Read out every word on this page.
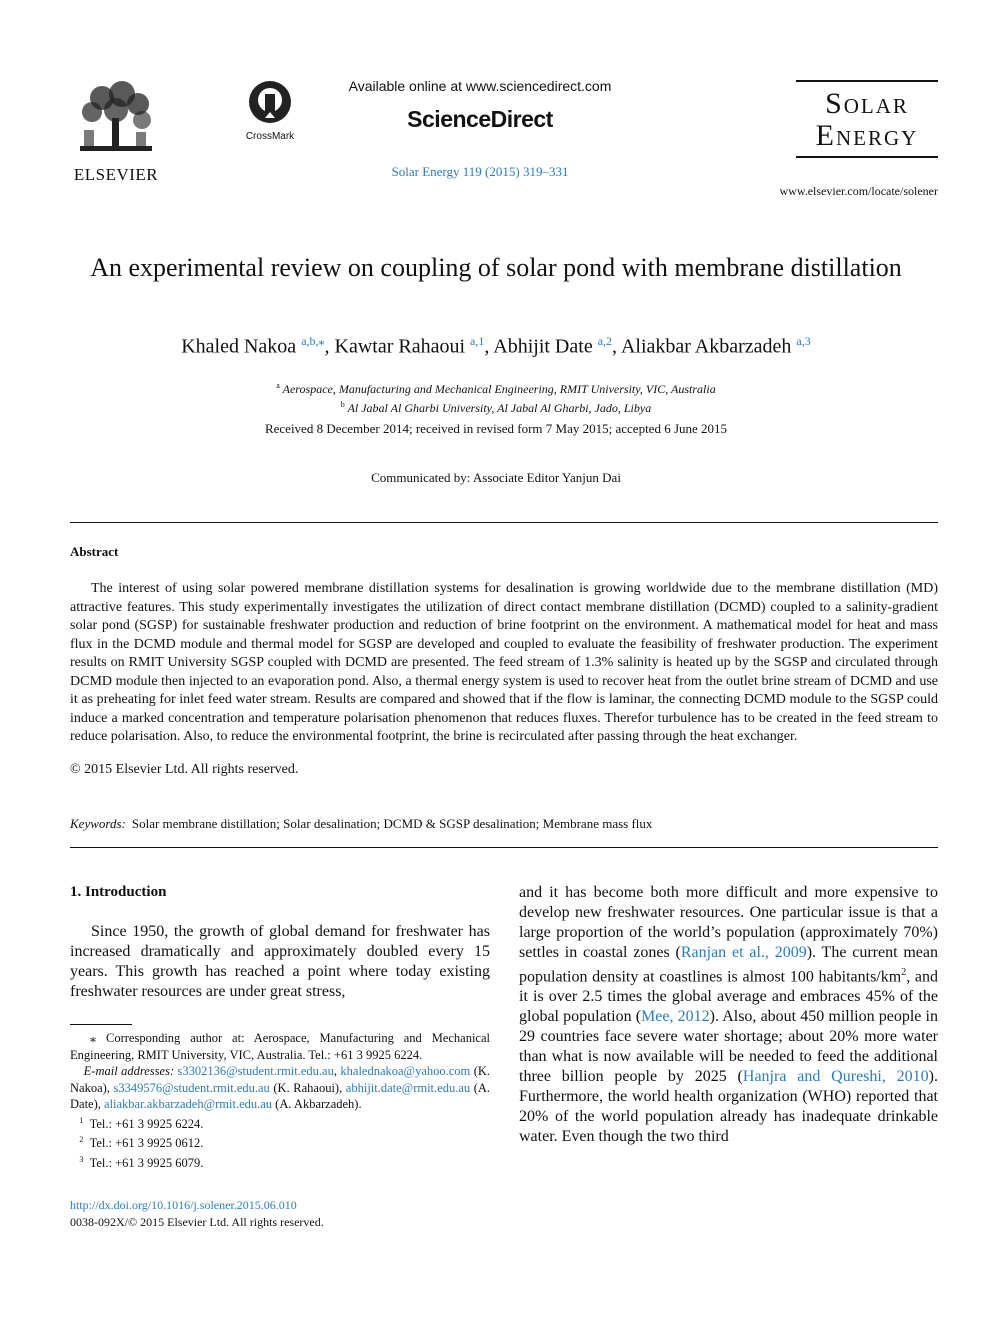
ELSEVIER
CrossMark
Available online at www.sciencedirect.com
ScienceDirect
Solar Energy 119 (2015) 319–331
Solar
Energy
www.elsevier.com/locate/solener
An experimental review on coupling of solar pond with membrane distillation
Khaled Nakoa $^{a,b,⁎}$, Kawtar Rahaoui $^{a,1}$, Abhijit Date $^{a,2}$, Aliakbar Akbarzadeh $^{a,3}$
$^a$ Aerospace, Manufacturing and Mechanical Engineering, RMIT University, VIC, Australia
$^b$ Al Jabal Al Gharbi University, Al Jabal Al Gharbi, Jado, Libya
Received 8 December 2014; received in revised form 7 May 2015; accepted 6 June 2015
Communicated by: Associate Editor Yanjun Dai
Abstract
The interest of using solar powered membrane distillation systems for desalination is growing worldwide due to the membrane distillation (MD) attractive features. This study experimentally investigates the utilization of direct contact membrane distillation (DCMD) coupled to a salinity-gradient solar pond (SGSP) for sustainable freshwater production and reduction of brine footprint on the environment. A mathematical model for heat and mass flux in the DCMD module and thermal model for SGSP are developed and coupled to evaluate the feasibility of freshwater production. The experiment results on RMIT University SGSP coupled with DCMD are presented. The feed stream of 1.3% salinity is heated up by the SGSP and circulated through DCMD module then injected to an evaporation pond. Also, a thermal energy system is used to recover heat from the outlet brine stream of DCMD and use it as preheating for inlet feed water stream. Results are compared and showed that if the flow is laminar, the connecting DCMD module to the SGSP could induce a marked concentration and temperature polarisation phenomenon that reduces fluxes. Therefor turbulence has to be created in the feed stream to reduce polarisation. Also, to reduce the environmental footprint, the brine is recirculated after passing through the heat exchanger.
© 2015 Elsevier Ltd. All rights reserved.
Keywords: Solar membrane distillation; Solar desalination; DCMD & SGSP desalination; Membrane mass flux
1. Introduction
Since 1950, the growth of global demand for freshwater has increased dramatically and approximately doubled every 15 years. This growth has reached a point where today existing freshwater resources are under great stress,
and it has become both more difficult and more expensive to develop new freshwater resources. One particular issue is that a large proportion of the world’s population (approximately 70%) settles in coastal zones (Ranjan et al., 2009). The current mean population density at coastlines is almost 100 habitants/$km^2$, and it is over 2.5 times the global average and embraces 45% of the global population (Mee, 2012). Also, about 450 million people in 29 countries face severe water shortage; about 20% more water than what is now available will be needed to feed the additional three billion people by 2025 (Hanjra and Qureshi, 2010). Furthermore, the world health organization (WHO) reported that 20% of the world population already has inadequate drinkable water. Even though the two third
⁎ Corresponding author at: Aerospace, Manufacturing and Mechanical Engineering, RMIT University, VIC, Australia. Tel.: +61 3 9925 6224.
E-mail addresses: s3302136@student.rmit.edu.au, khalednakoa@yahoo.com (K. Nakoa), s3349576@student.rmit.edu.au (K. Rahaoui), abhijit.date@rmit.edu.au (A. Date), aliakbar.akbarzadeh@rmit.edu.au (A. Akbarzadeh).
$^1$ Tel.: +61 3 9925 6224.
$^2$ Tel.: +61 3 9925 0612.
$^3$ Tel.: +61 3 9925 6079.
http://dx.doi.org/10.1016/j.solener.2015.06.010
0038-092X/© 2015 Elsevier Ltd. All rights reserved.
